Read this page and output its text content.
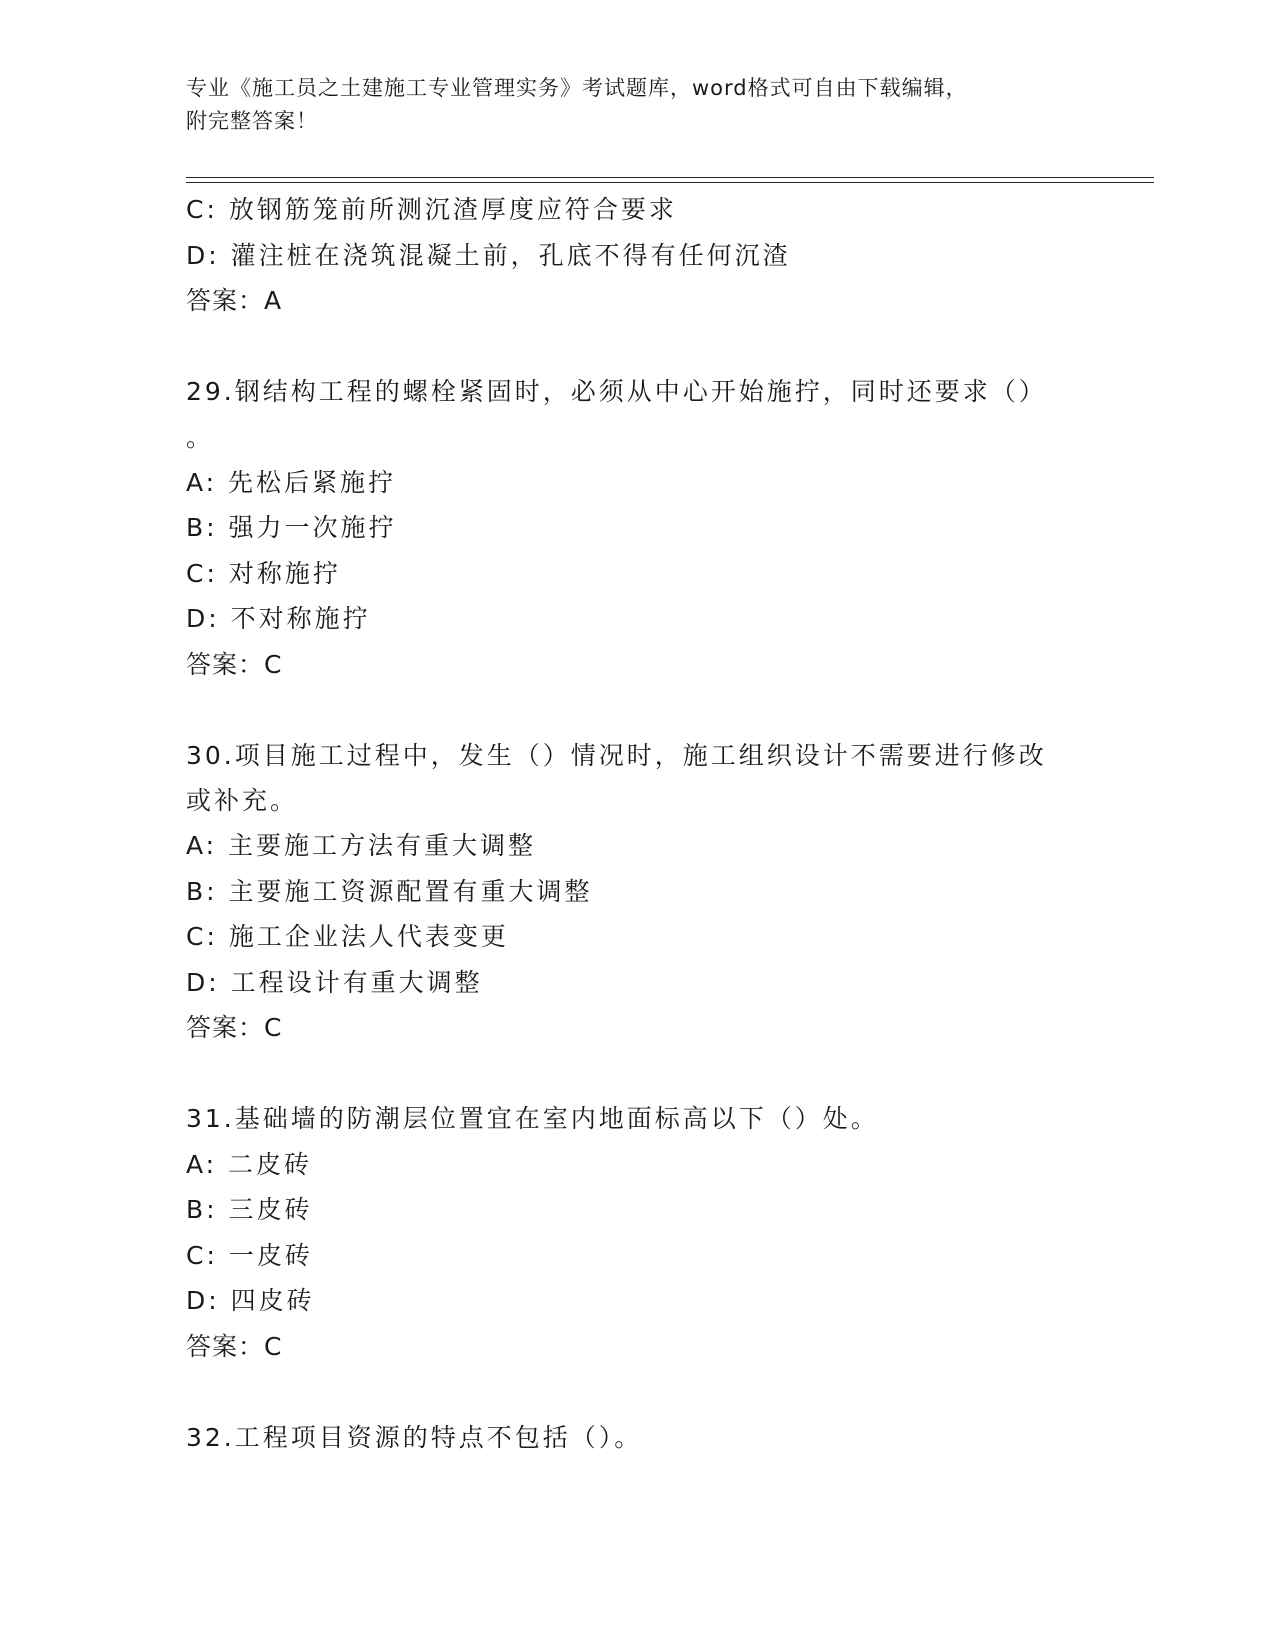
专业《施工员之土建施工专业管理实务》考试题库，word格式可自由下载编辑，
附完整答案！
C: 放钢筋笼前所测沉渣厚度应符合要求
D: 灌注桩在浇筑混凝土前，孔底不得有任何沉渣
答案：A
29.钢结构工程的螺栓紧固时，必须从中心开始施拧，同时还要求（）
。
A: 先松后紧施拧
B: 强力一次施拧
C: 对称施拧
D: 不对称施拧
答案：C
30.项目施工过程中，发生（）情况时，施工组织设计不需要进行修改
或补充。
A: 主要施工方法有重大调整
B: 主要施工资源配置有重大调整
C: 施工企业法人代表变更
D: 工程设计有重大调整
答案：C
31.基础墙的防潮层位置宜在室内地面标高以下（）处。
A: 二皮砖
B: 三皮砖
C: 一皮砖
D: 四皮砖
答案：C
32.工程项目资源的特点不包括（）。
